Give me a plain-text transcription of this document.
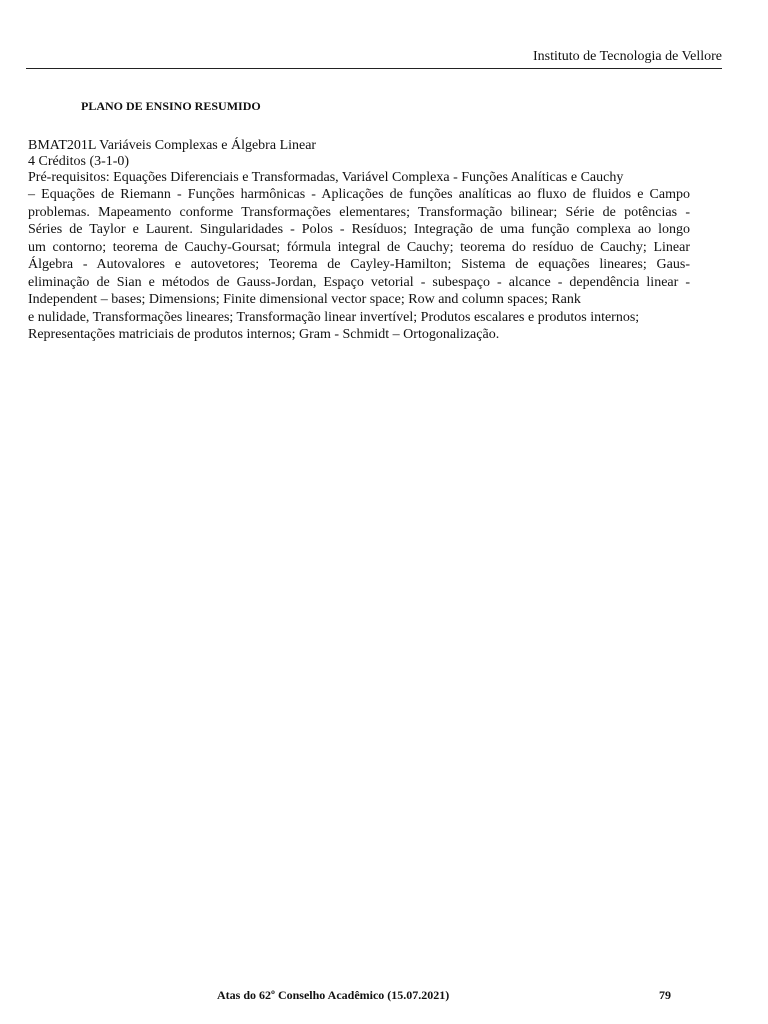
Instituto de Tecnologia de Vellore
PLANO DE ENSINO RESUMIDO
BMAT201L Variáveis Complexas e Álgebra Linear
4 Créditos (3-1-0)
Pré-requisitos: Equações Diferenciais e Transformadas, Variável Complexa - Funções Analíticas e Cauchy
– Equações de Riemann - Funções harmônicas - Aplicações de funções analíticas ao fluxo de fluidos e Campo
problemas. Mapeamento conforme Transformações elementares; Transformação bilinear; Série de potências -
Séries de Taylor e Laurent. Singularidades - Polos - Resíduos; Integração de uma função complexa ao longo
um contorno; teorema de Cauchy-Goursat; fórmula integral de Cauchy; teorema do resíduo de Cauchy; Linear
Álgebra - Autovalores e autovetores; Teorema de Cayley-Hamilton; Sistema de equações lineares; Gaus-
eliminação de Sian e métodos de Gauss-Jordan, Espaço vetorial - subespaço - alcance - dependência linear -
Independent – bases; Dimensions; Finite dimensional vector space; Row and column spaces; Rank
e nulidade, Transformações lineares; Transformação linear invertível; Produtos escalares e produtos internos;
Representações matriciais de produtos internos; Gram - Schmidt – Ortogonalização.
Atas do 62º Conselho Acadêmico (15.07.2021)	79
